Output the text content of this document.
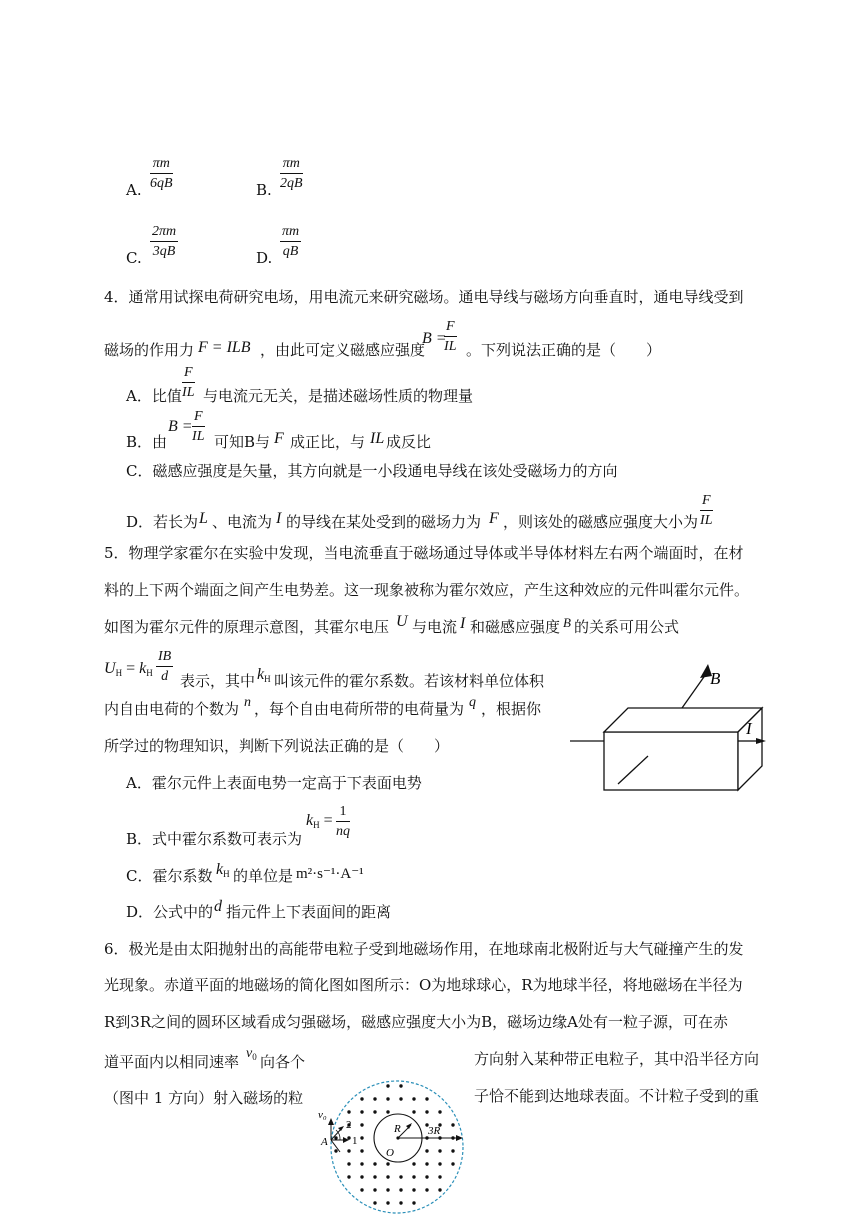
A. $\frac{\pi m}{6qB}$	B. $\frac{\pi m}{2qB}$
C. $\frac{2\pi m}{3qB}$	D. $\frac{\pi m}{qB}$
4．通常用试探电荷研究电场，用电流元来研究磁场。通电导线与磁场方向垂直时，通电导线受到
磁场的作用力 F = ILB ，由此可定义磁感应强度
B =
$\frac{F}{IL}$ 。下列说法正确的是（　　）
A．比值 $\frac{F}{IL}$ 与电流元无关，是描述磁场性质的物理量
B．由
$B = \frac{F}{IL}$ 可知B与 F 成正比，与 IL 成反比
C．磁感应强度是矢量，其方向就是一小段通电导线在该处受磁场力的方向
D．若长为 L 、电流为 I 的导线在某处受到的磁场力为 F ，则该处的磁感应强度大小为 $\frac{F}{IL}$
5．物理学家霍尔在实验中发现，当电流垂直于磁场通过导体或半导体材料左右两个端面时，在材
料的上下两个端面之间产生电势差。这一现象被称为霍尔效应，产生这种效应的元件叫霍尔元件。
如图为霍尔元件的原理示意图，其霍尔电压 U 与电流 I 和磁感应强度 B 的关系可用公式
$U_H = k_H \frac{IB}{d}$ 表示，其中 $k_H$ 叫该元件的霍尔系数。若该材料单位体积
内自由电荷的个数为 n ，每个自由电荷所带的电荷量为 q ，根据你
所学过的物理知识，判断下列说法正确的是（　　）
A．霍尔元件上表面电势一定高于下表面电势
B．式中霍尔系数可表示为
$k_H = \frac{1}{nq}$
C．霍尔系数 $k_H$ 的单位是 m²·s⁻¹·A⁻¹
D．公式中的 d 指元件上下表面间的距离
B
I
6．极光是由太阳抛射出的高能带电粒子受到地磁场作用，在地球南北极附近与大气碰撞产生的发
光现象。赤道平面的地磁场的简化图如图所示：O为地球球心，R为地球半径，将地磁场在半径为
R到3R之间的圆环区域看成匀强磁场，磁感应强度大小为B，磁场边缘A处有一粒子源，可在赤
道平面内以相同速率 $v_0$ 向各个	方向射入某种带正电粒子，其中沿半径方向
（图中 1 方向）射入磁场的粒	子恰不能到达地球表面。不计粒子受到的重
v₀
2
1
A
R
O
3R
